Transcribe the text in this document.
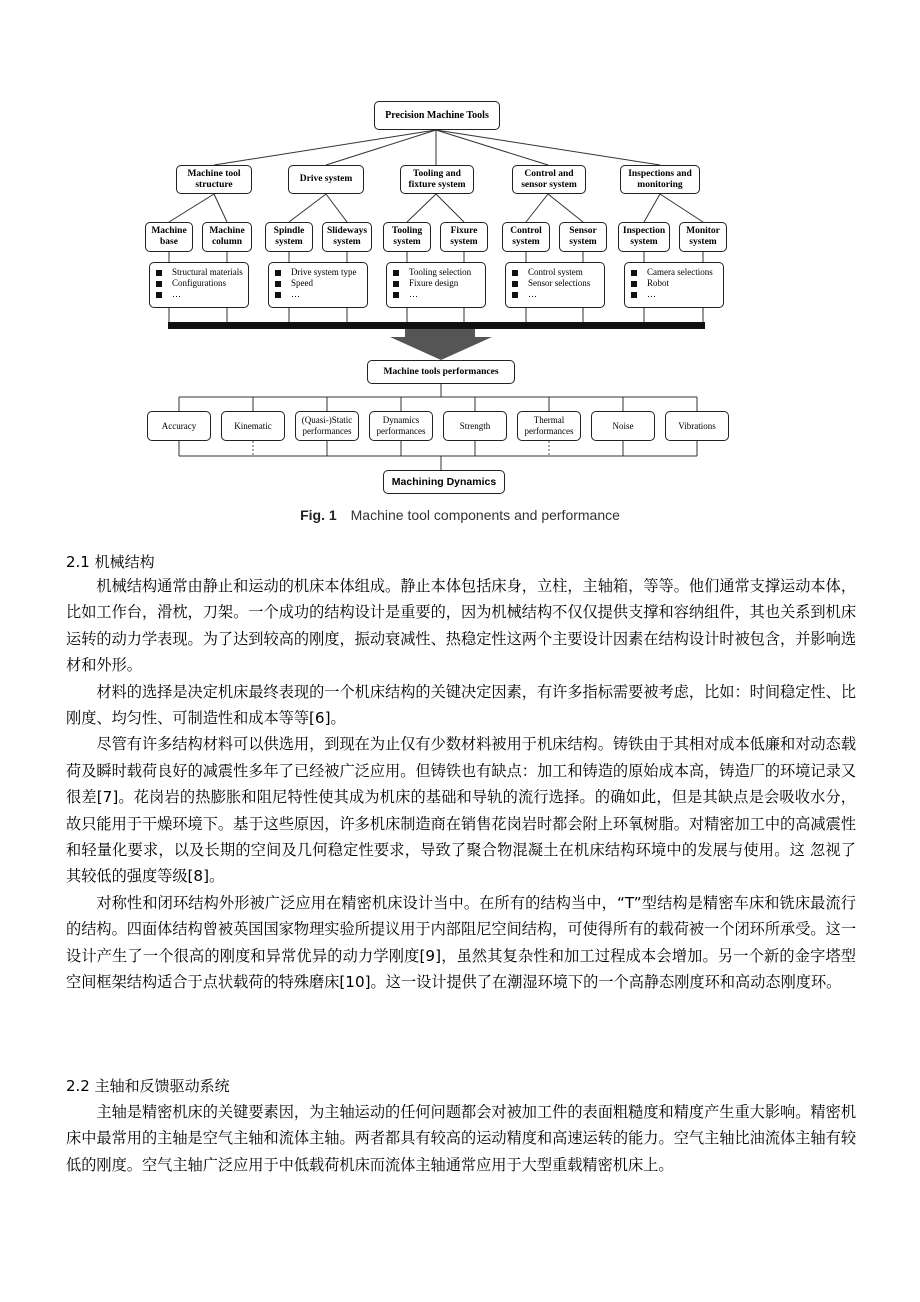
Precision Machine Tools
Machine tool
structure
Drive system
Tooling and
fixture system
Control and
sensor system
Inspections and
monitoring
Machine
base
Machine
column
Spindle
system
Slideways
system
Tooling
system
Fixure
system
Control
system
Sensor
system
Inspection
system
Monitor
system
Structural materials
Configurations
…
Drive system type
Speed
…
Tooling selection
Fixure design
…
Control system
Sensor selections
…
Camera selections
Robot
…
Machine tools performances
Accuracy	Kinematic
(Quasi-)Static
performances
Dynamics
performances
Strength
Thermal
performances
Noise	Vibrations
Machining Dynamics
Fig. 1 Machine tool components and performance
2.1 机械结构

机械结构通常由静止和运动的机床本体组成。静止本体包括床身，立柱，主轴箱，等等。他们通常支撑运动本体，比如工作台，滑枕，刀架。一个成功的结构设计是重要的，因为机械结构不仅仅提供支撑和容纳组件，其也关系到机床运转的动力学表现。为了达到较高的刚度，振动衰减性、热稳定性这两个主要设计因素在结构设计时被包含，并影响选材和外形。

材料的选择是决定机床最终表现的一个机床结构的关键决定因素，有许多指标需要被考虑，比如：时间稳定性、比刚度、均匀性、可制造性和成本等等[6]。

尽管有许多结构材料可以供选用，到现在为止仅有少数材料被用于机床结构。铸铁由于其相对成本低廉和对动态载荷及瞬时载荷良好的减震性多年了已经被广泛应用。但铸铁也有缺点：加工和铸造的原始成本高，铸造厂的环境记录又很差[7]。花岗岩的热膨胀和阻尼特性使其成为机床的基础和导轨的流行选择。的确如此，但是其缺点是会吸收水分，故只能用于干燥环境下。基于这些原因，许多机床制造商在销售花岗岩时都会附上环氧树脂。对精密加工中的高减震性和轻量化要求，以及长期的空间及几何稳定性要求，导致了聚合物混凝土在机床结构环境中的发展与使用。这 忽视了其较低的强度等级[8]。

对称性和闭环结构外形被广泛应用在精密机床设计当中。在所有的结构当中，“T”型结构是精密车床和铣床最流行的结构。四面体结构曾被英国国家物理实验所提议用于内部阻尼空间结构，可使得所有的载荷被一个闭环所承受。这一设计产生了一个很高的刚度和异常优异的动力学刚度[9]，虽然其复杂性和加工过程成本会增加。另一个新的金字塔型空间框架结构适合于点状载荷的特殊磨床[10]。这一设计提供了在潮湿环境下的一个高静态刚度环和高动态刚度环。

2.2 主轴和反馈驱动系统

主轴是精密机床的关键要素因，为主轴运动的任何问题都会对被加工件的表面粗糙度和精度产生重大影响。精密机床中最常用的主轴是空气主轴和流体主轴。两者都具有较高的运动精度和高速运转的能力。空气主轴比油流体主轴有较低的刚度。空气主轴广泛应用于中低载荷机床而流体主轴通常应用于大型重载精密机床上。
